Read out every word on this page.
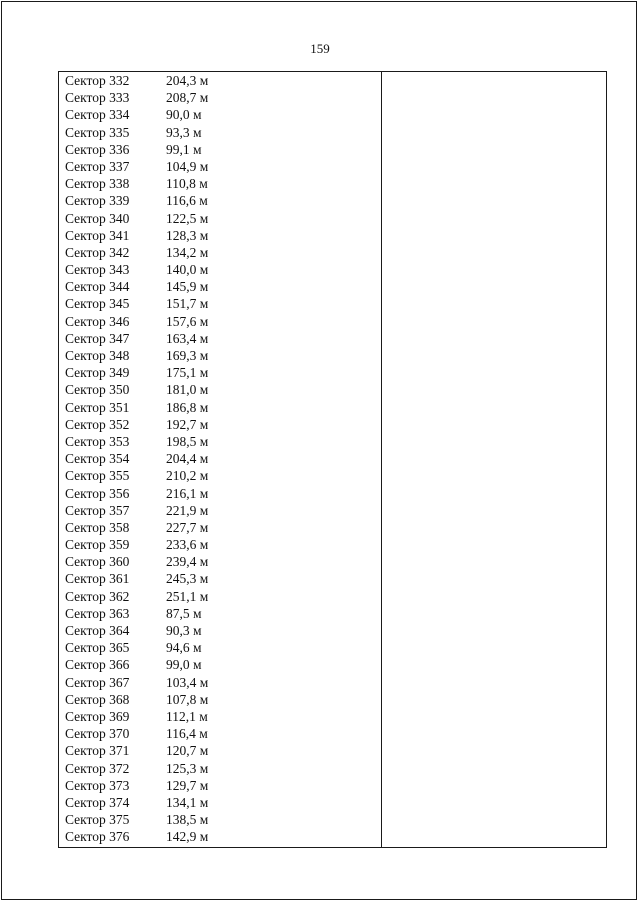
159
Сектор 332	204,3 м
Сектор 333	208,7 м
Сектор 334	90,0 м
Сектор 335	93,3 м
Сектор 336	99,1 м
Сектор 337	104,9 м
Сектор 338	110,8 м
Сектор 339	116,6 м
Сектор 340	122,5 м
Сектор 341	128,3 м
Сектор 342	134,2 м
Сектор 343	140,0 м
Сектор 344	145,9 м
Сектор 345	151,7 м
Сектор 346	157,6 м
Сектор 347	163,4 м
Сектор 348	169,3 м
Сектор 349	175,1 м
Сектор 350	181,0 м
Сектор 351	186,8 м
Сектор 352	192,7 м
Сектор 353	198,5 м
Сектор 354	204,4 м
Сектор 355	210,2 м
Сектор 356	216,1 м
Сектор 357	221,9 м
Сектор 358	227,7 м
Сектор 359	233,6 м
Сектор 360	239,4 м
Сектор 361	245,3 м
Сектор 362	251,1 м
Сектор 363	87,5 м
Сектор 364	90,3 м
Сектор 365	94,6 м
Сектор 366	99,0 м
Сектор 367	103,4 м
Сектор 368	107,8 м
Сектор 369	112,1 м
Сектор 370	116,4 м
Сектор 371	120,7 м
Сектор 372	125,3 м
Сектор 373	129,7 м
Сектор 374	134,1 м
Сектор 375	138,5 м
Сектор 376	142,9 м
